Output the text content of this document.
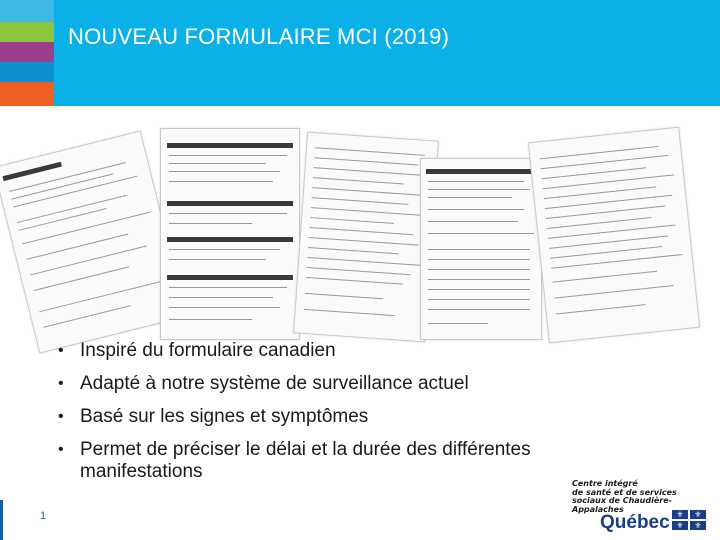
NOUVEAU FORMULAIRE MCI (2019)
• Inspiré du formulaire canadien
• Adapté à notre système de surveillance actuel
• Basé sur les signes et symptômes
• Permet de préciser le délai et la durée des différentes manifestations
1
Centre intégré
de santé et de services
sociaux de Chaudière-
Appalaches
Québec ⚜	⚜
⚜	⚜
